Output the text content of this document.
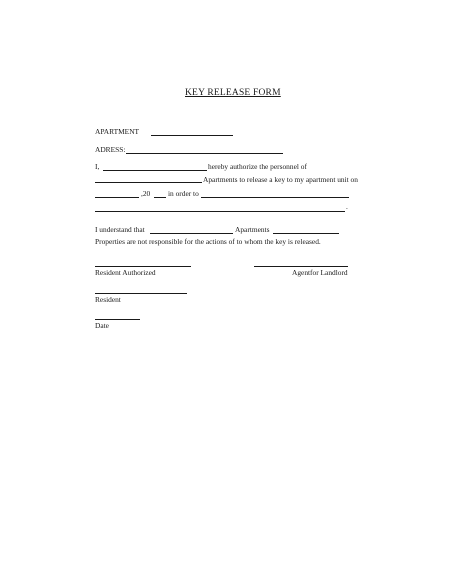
KEY RELEASE FORM
APARTMENT
ADRESS:
I,	hereby authorize the personnel of
Apartments to release a key to my apartment unit on
,20 in order to
.
I understand that	Apartments
Properties are not responsible for the actions of to whom the key is released.
Resident Authorized	Agentfor Landlord
Resident
Date
